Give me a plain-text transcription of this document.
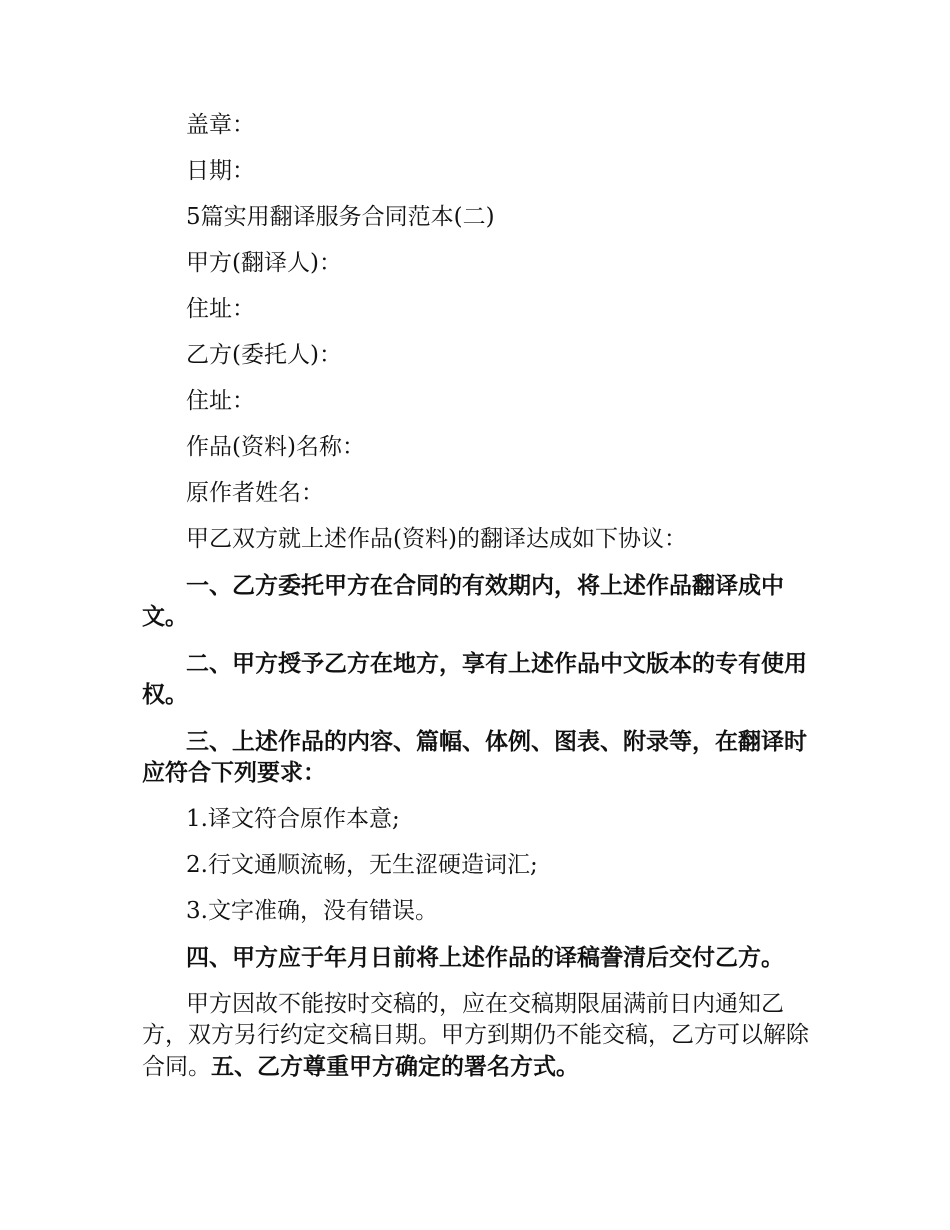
盖章：
日期：
5篇实用翻译服务合同范本(二)
甲方(翻译人)：
住址：
乙方(委托人)：
住址：
作品(资料)名称：
原作者姓名：
甲乙双方就上述作品(资料)的翻译达成如下协议：
一、乙方委托甲方在合同的有效期内，将上述作品翻译成中文。
二、甲方授予乙方在地方，享有上述作品中文版本的专有使用权。
三、上述作品的内容、篇幅、体例、图表、附录等，在翻译时应符合下列要求：
1.译文符合原作本意;
2.行文通顺流畅，无生涩硬造词汇;
3.文字准确，没有错误。
四、甲方应于年月日前将上述作品的译稿誊清后交付乙方。
甲方因故不能按时交稿的，应在交稿期限届满前日内通知乙方，双方另行约定交稿日期。甲方到期仍不能交稿，乙方可以解除合同。五、乙方尊重甲方确定的署名方式。
